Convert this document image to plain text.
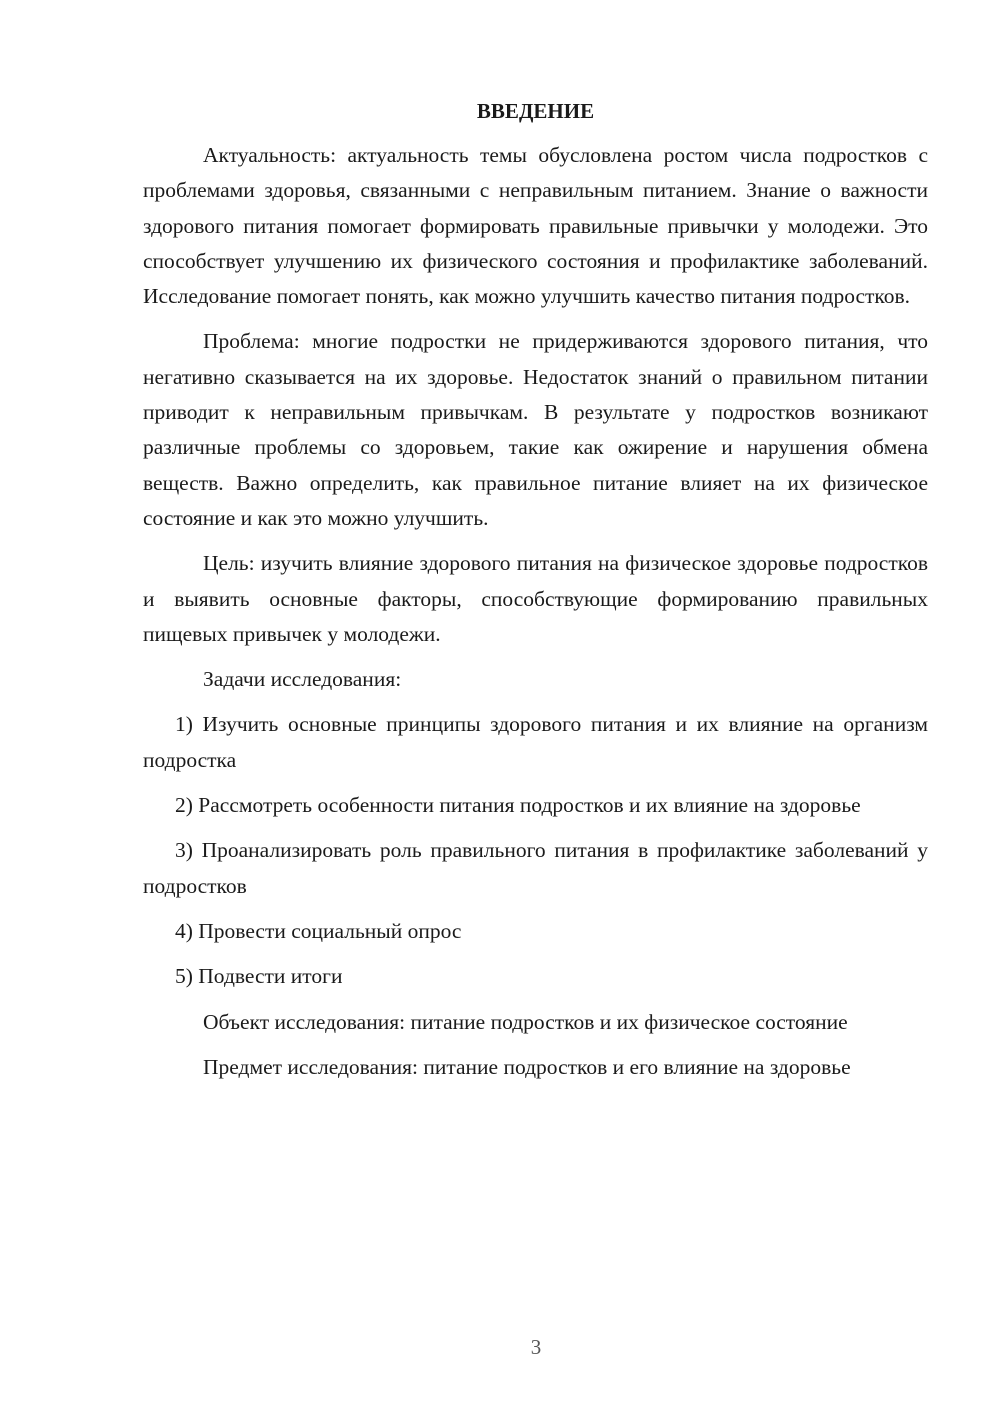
ВВЕДЕНИЕ

Актуальность: актуальность темы обусловлена ростом числа подростков с проблемами здоровья, связанными с неправильным питанием. Знание о важности здорового питания помогает формировать правильные привычки у молодежи. Это способствует улучшению их физического состояния и профилактике заболеваний. Исследование помогает понять, как можно улучшить качество питания подростков.

Проблема: многие подростки не придерживаются здорового питания, что негативно сказывается на их здоровье. Недостаток знаний о правильном питании приводит к неправильным привычкам. В результате у подростков возникают различные проблемы со здоровьем, такие как ожирение и нарушения обмена веществ. Важно определить, как правильное питание влияет на их физическое состояние и как это можно улучшить.

Цель: изучить влияние здорового питания на физическое здоровье подростков и выявить основные факторы, способствующие формированию правильных пищевых привычек у молодежи.

Задачи исследования:

1) Изучить основные принципы здорового питания и их влияние на организм подростка

2) Рассмотреть особенности питания подростков и их влияние на здоровье

3) Проанализировать роль правильного питания в профилактике заболеваний у подростков

4) Провести социальный опрос

5) Подвести итоги

Объект исследования: питание подростков и их физическое состояние

Предмет исследования: питание подростков и его влияние на здоровье

3
